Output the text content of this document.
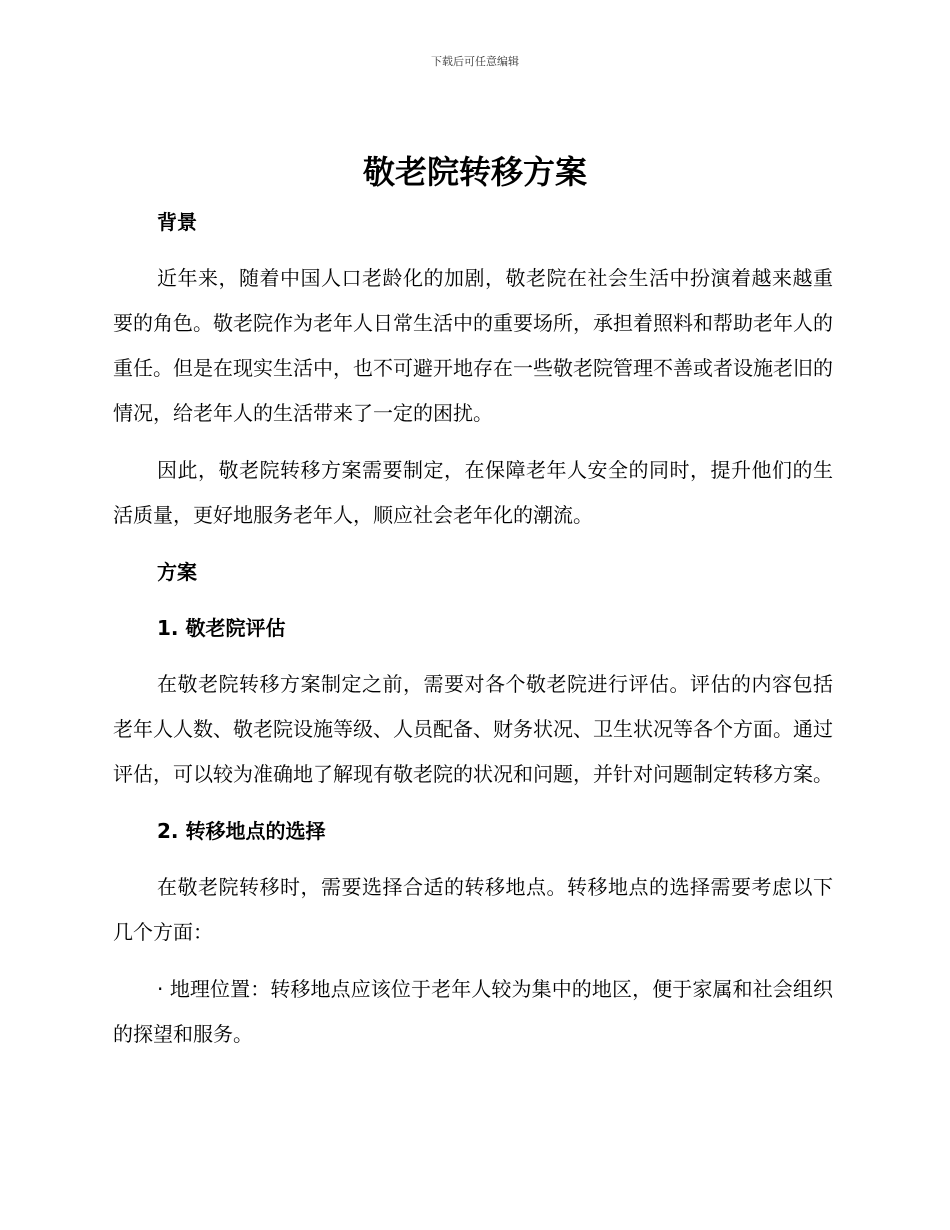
下载后可任意编辑
敬老院转移方案
背景

近年来，随着中国人口老龄化的加剧，敬老院在社会生活中扮演着越来越重要的角色。敬老院作为老年人日常生活中的重要场所，承担着照料和帮助老年人的重任。但是在现实生活中，也不可避开地存在一些敬老院管理不善或者设施老旧的情况，给老年人的生活带来了一定的困扰。

因此，敬老院转移方案需要制定，在保障老年人安全的同时，提升他们的生活质量，更好地服务老年人，顺应社会老年化的潮流。

方案
1. 敬老院评估

在敬老院转移方案制定之前，需要对各个敬老院进行评估。评估的内容包括老年人人数、敬老院设施等级、人员配备、财务状况、卫生状况等各个方面。通过评估，可以较为准确地了解现有敬老院的状况和问题，并针对问题制定转移方案。

2. 转移地点的选择

在敬老院转移时，需要选择合适的转移地点。转移地点的选择需要考虑以下几个方面：

· 地理位置：转移地点应该位于老年人较为集中的地区，便于家属和社会组织的探望和服务。
